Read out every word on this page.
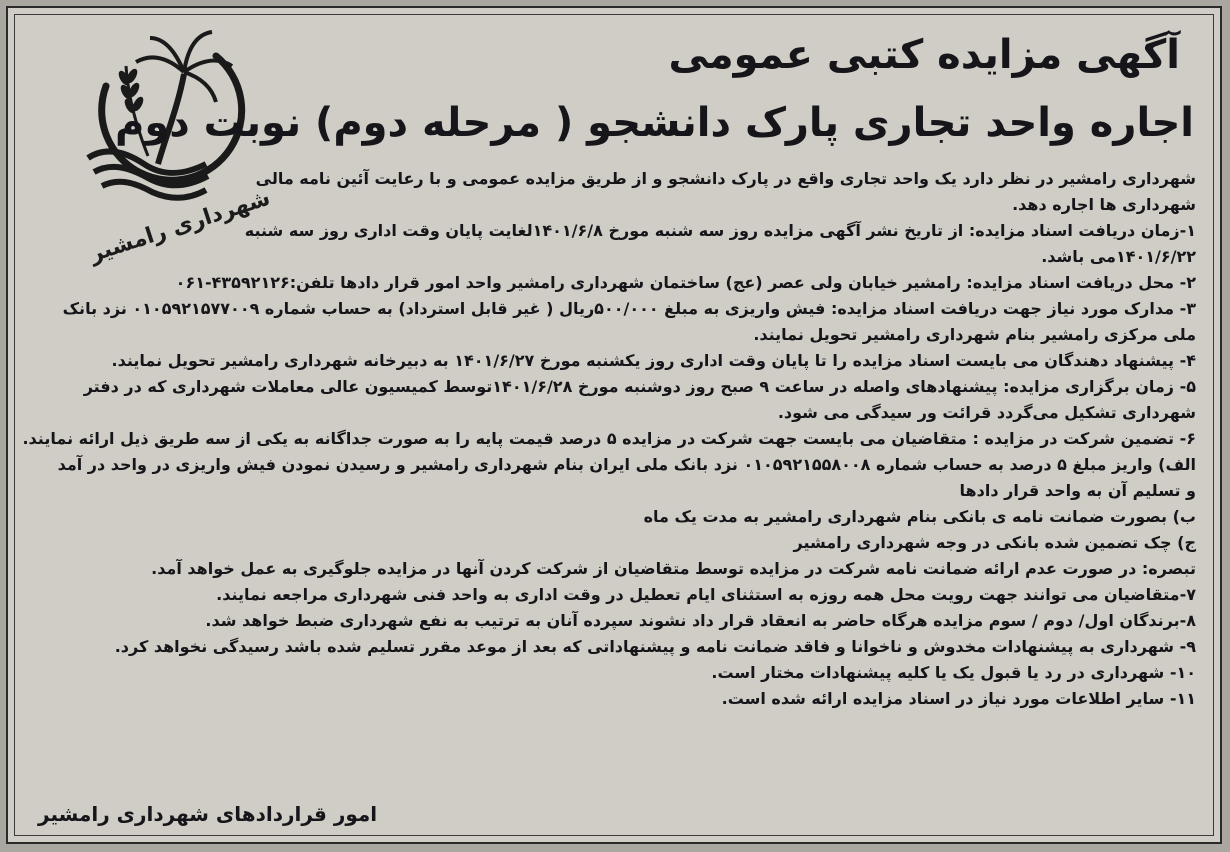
شهرداری رامشیر
آگهی مزایده کتبی عمومی
اجاره واحد تجاری پارک دانشجو ( مرحله دوم) نوبت دوم
شهرداری رامشیر در نظر دارد یک واحد تجاری واقع در پارک دانشجو و از طریق مزایده عمومی و با رعایت آئین نامه مالی
شهرداری ها اجاره دهد.
۱-زمان دریافت اسناد مزایده: از تاریخ نشر آگهی مزایده روز سه شنبه مورخ ۱۴۰۱/۶/۸لغایت پایان وقت اداری روز سه شنبه
۱۴۰۱/۶/۲۲می باشد.
۲- محل دریافت اسناد مزایده: رامشیر خیابان ولی عصر (عج) ساختمان شهرداری رامشیر واحد امور قرار دادها تلفن:۴۳۵۹۲۱۲۶-۰۶۱
۳- مدارک مورد نیاز جهت دریافت اسناد مزایده: فیش واریزی به مبلغ ۵۰۰/۰۰۰ریال ( غیر قابل استرداد) به حساب شماره ۰۱۰۵۹۲۱۵۷۷۰۰۹ نزد بانک
ملی مرکزی رامشیر بنام شهرداری رامشیر تحویل نمایند.
۴- پیشنهاد دهندگان می بایست اسناد مزایده را تا پایان وقت اداری روز یکشنبه مورخ ۱۴۰۱/۶/۲۷ به دبیرخانه شهرداری رامشیر تحویل نمایند.
۵- زمان برگزاری مزایده: پیشنهادهای واصله در ساعت ۹ صبح روز دوشنبه مورخ ۱۴۰۱/۶/۲۸توسط کمیسیون عالی معاملات شهرداری که در دفتر
شهرداری تشکیل می‌گردد قرائت ور سیدگی می شود.
۶- تضمین شرکت در مزایده : متقاضیان می بایست جهت شرکت در مزایده ۵ درصد قیمت پایه را به صورت جداگانه به یکی از سه طریق ذیل ارائه نمایند.
الف) واریز مبلغ ۵ درصد به حساب شماره ۰۱۰۵۹۲۱۵۵۸۰۰۸ نزد بانک ملی ایران بنام شهرداری رامشیر و رسیدن نمودن فیش واریزی در واحد در آمد
و تسلیم آن به واحد قرار دادها
ب) بصورت ضمانت نامه ی بانکی بنام شهرداری رامشیر به مدت یک ماه
ج) چک تضمین شده بانکی در وجه شهرداری رامشیر
تبصره: در صورت عدم ارائه ضمانت نامه شرکت در مزایده توسط متقاضیان از شرکت کردن آنها در مزایده جلوگیری به عمل خواهد آمد.
۷-متقاضیان می توانند جهت رویت محل همه روزه به استثنای ایام تعطیل در وقت اداری به واحد فنی شهرداری مراجعه نمایند.
۸-برندگان اول/ دوم / سوم مزایده هرگاه حاضر به انعقاد قرار داد نشوند سپرده آنان به ترتیب به نفع شهرداری ضبط خواهد شد.
۹- شهرداری به پیشنهادات مخدوش و ناخوانا و فاقد ضمانت نامه و پیشنهاداتی که بعد از موعد مقرر تسلیم شده باشد رسیدگی نخواهد کرد.
۱۰- شهرداری در رد یا قبول یک یا کلیه پیشنهادات مختار است.
۱۱- سایر اطلاعات مورد نیاز در اسناد مزایده ارائه شده است.
امور قراردادهای شهرداری رامشیر
